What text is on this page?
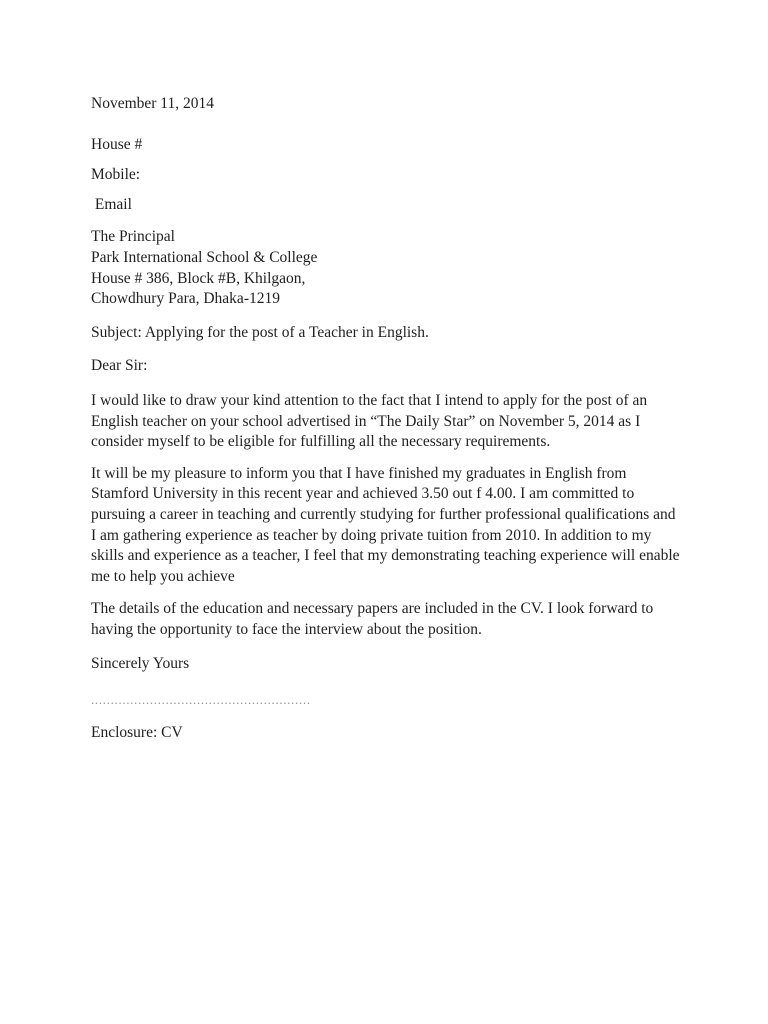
November 11, 2014
House #
Mobile:
Email
The Principal
Park International School & College
House # 386, Block #B, Khilgaon,
Chowdhury Para, Dhaka-1219
Subject: Applying for the post of a Teacher in English.
Dear Sir:
I would like to draw your kind attention to the fact that I intend to apply for the post of an English teacher on your school advertised in “The Daily Star” on November 5, 2014 as I consider myself to be eligible for fulfilling all the necessary requirements.
It will be my pleasure to inform you that I have finished my graduates in English from Stamford University in this recent year and achieved 3.50 out f 4.00. I am committed to pursuing a career in teaching and currently studying for further professional qualifications and I am gathering experience as teacher by doing private tuition from 2010. In addition to my skills and experience as a teacher, I feel that my demonstrating teaching experience will enable me to help you achieve
The details of the education and necessary papers are included in the CV. I look forward to having the opportunity to face the interview about the position.
Sincerely Yours
........................................................
Enclosure: CV
